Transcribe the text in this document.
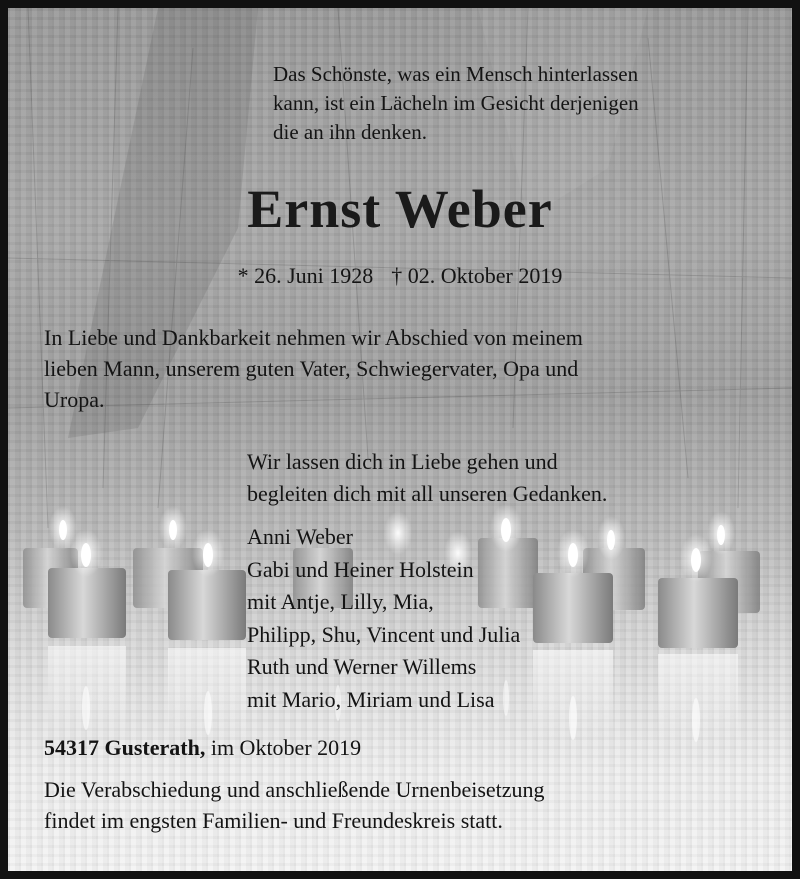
Das Schönste, was ein Mensch hinterlassen
kann, ist ein Lächeln im Gesicht derjenigen
die an ihn denken.

Ernst Weber

* 26. Juni 1928 † 02. Oktober 2019

In Liebe und Dankbarkeit nehmen wir Abschied von meinem
lieben Mann, unserem guten Vater, Schwiegervater, Opa und
Uropa.

Wir lassen dich in Liebe gehen und
begleiten dich mit all unseren Gedanken.

Anni Weber
Gabi und Heiner Holstein
mit Antje, Lilly, Mia,
Philipp, Shu, Vincent und Julia
Ruth und Werner Willems
mit Mario, Miriam und Lisa

54317 Gusterath, im Oktober 2019

Die Verabschiedung und anschließende Urnenbeisetzung
findet im engsten Familien- und Freundeskreis statt.
